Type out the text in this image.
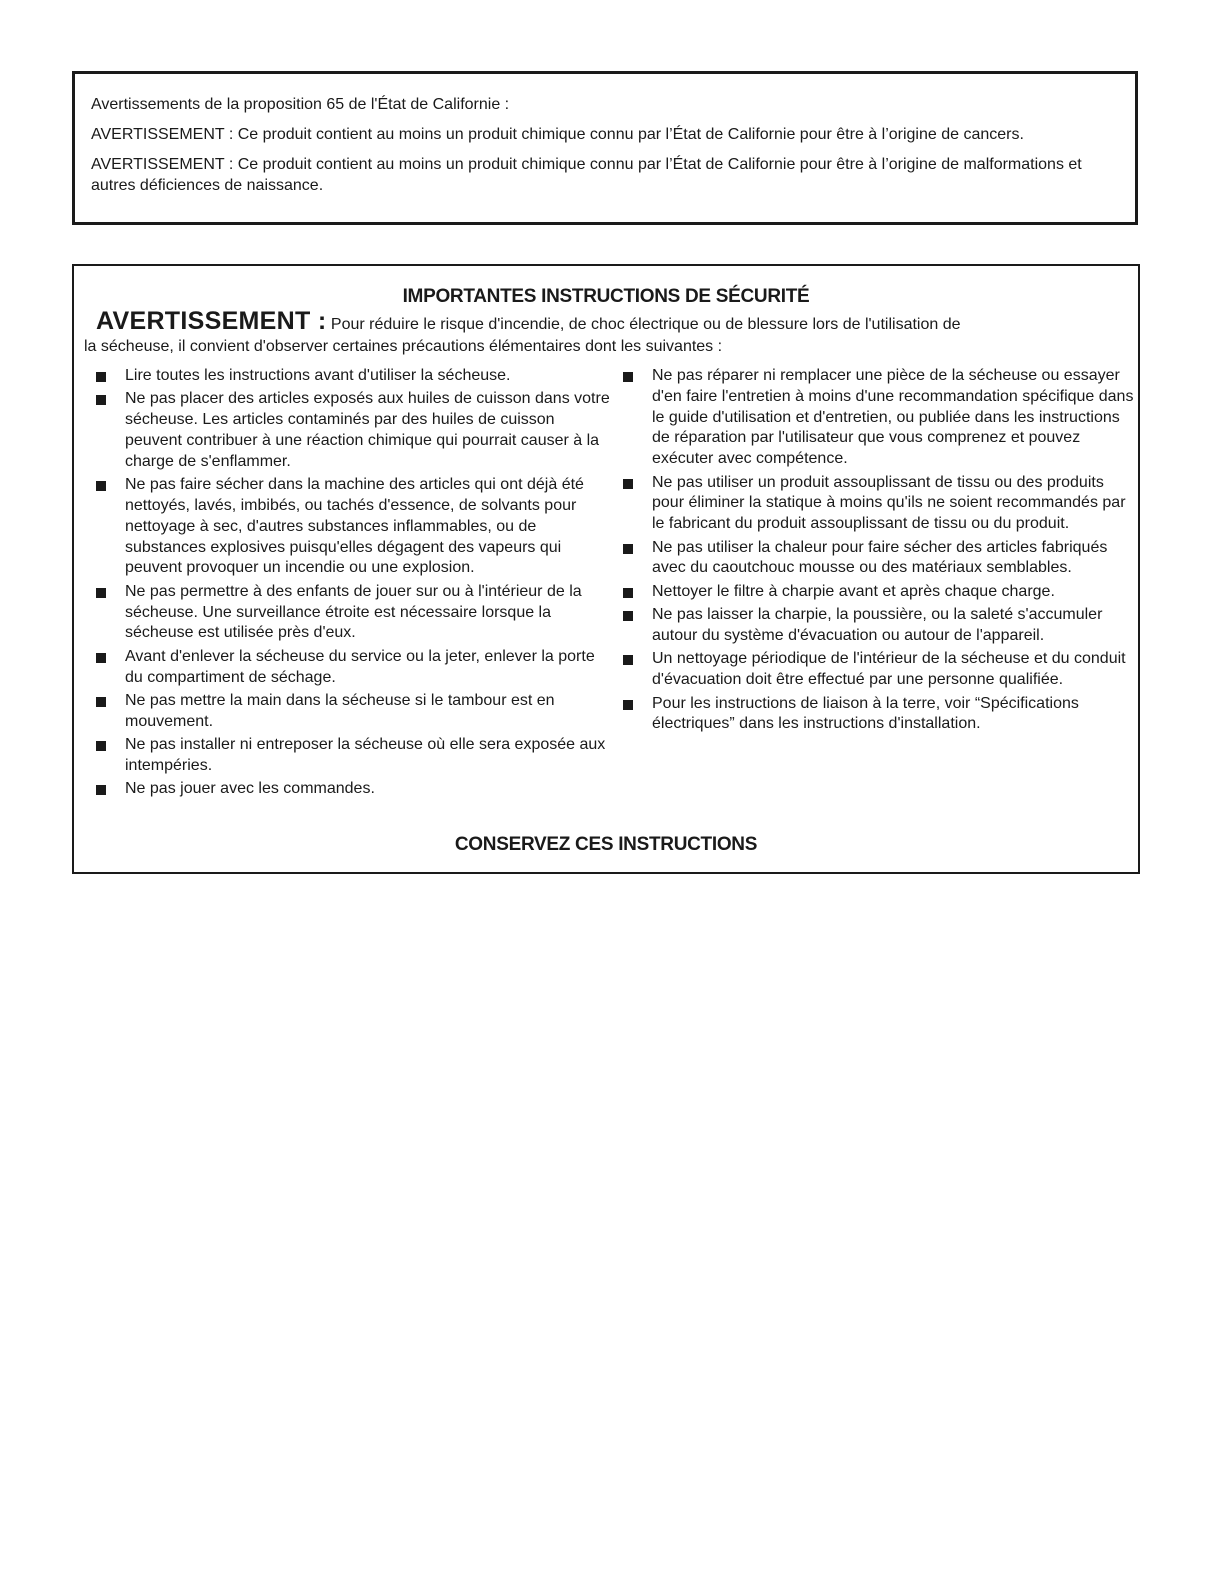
Avertissements de la proposition 65 de l'État de Californie :

AVERTISSEMENT : Ce produit contient au moins un produit chimique connu par l’État de Californie pour être à l’origine de cancers.

AVERTISSEMENT : Ce produit contient au moins un produit chimique connu par l’État de Californie pour être à l’origine de malformations et autres déficiences de naissance.

IMPORTANTES INSTRUCTIONS DE SÉCURITÉ
AVERTISSEMENT : Pour réduire le risque d'incendie, de choc électrique ou de blessure lors de l'utilisation de
la sécheuse, il convient d'observer certaines précautions élémentaires dont les suivantes :
Lire toutes les instructions avant d'utiliser la sécheuse.
Ne pas placer des articles exposés aux huiles de cuisson dans votre sécheuse. Les articles contaminés par des huiles de cuisson peuvent contribuer à une réaction chimique qui pourrait causer à la charge de s'enflammer.
Ne pas faire sécher dans la machine des articles qui ont déjà été nettoyés, lavés, imbibés, ou tachés d'essence, de solvants pour nettoyage à sec, d'autres substances inflammables, ou de substances explosives puisqu'elles dégagent des vapeurs qui peuvent provoquer un incendie ou une explosion.
Ne pas permettre à des enfants de jouer sur ou à l'intérieur de la sécheuse. Une surveillance étroite est nécessaire lorsque la sécheuse est utilisée près d'eux.
Avant d'enlever la sécheuse du service ou la jeter, enlever la porte du compartiment de séchage.
Ne pas mettre la main dans la sécheuse si le tambour est en mouvement.
Ne pas installer ni entreposer la sécheuse où elle sera exposée aux intempéries.
Ne pas jouer avec les commandes.
Ne pas réparer ni remplacer une pièce de la sécheuse ou essayer d'en faire l'entretien à moins d'une recommandation spécifique dans le guide d'utilisation et d'entretien, ou publiée dans les instructions de réparation par l'utilisateur que vous comprenez et pouvez exécuter avec compétence.
Ne pas utiliser un produit assouplissant de tissu ou des produits pour éliminer la statique à moins qu'ils ne soient recommandés par le fabricant du produit assouplissant de tissu ou du produit.
Ne pas utiliser la chaleur pour faire sécher des articles fabriqués avec du caoutchouc mousse ou des matériaux semblables.
Nettoyer le filtre à charpie avant et après chaque charge.
Ne pas laisser la charpie, la poussière, ou la saleté s'accumuler autour du système d'évacuation ou autour de l'appareil.
Un nettoyage périodique de l'intérieur de la sécheuse et du conduit d'évacuation doit être effectué par une personne qualifiée.
Pour les instructions de liaison à la terre, voir “Spécifications électriques” dans les instructions d'installation.
CONSERVEZ CES INSTRUCTIONS
